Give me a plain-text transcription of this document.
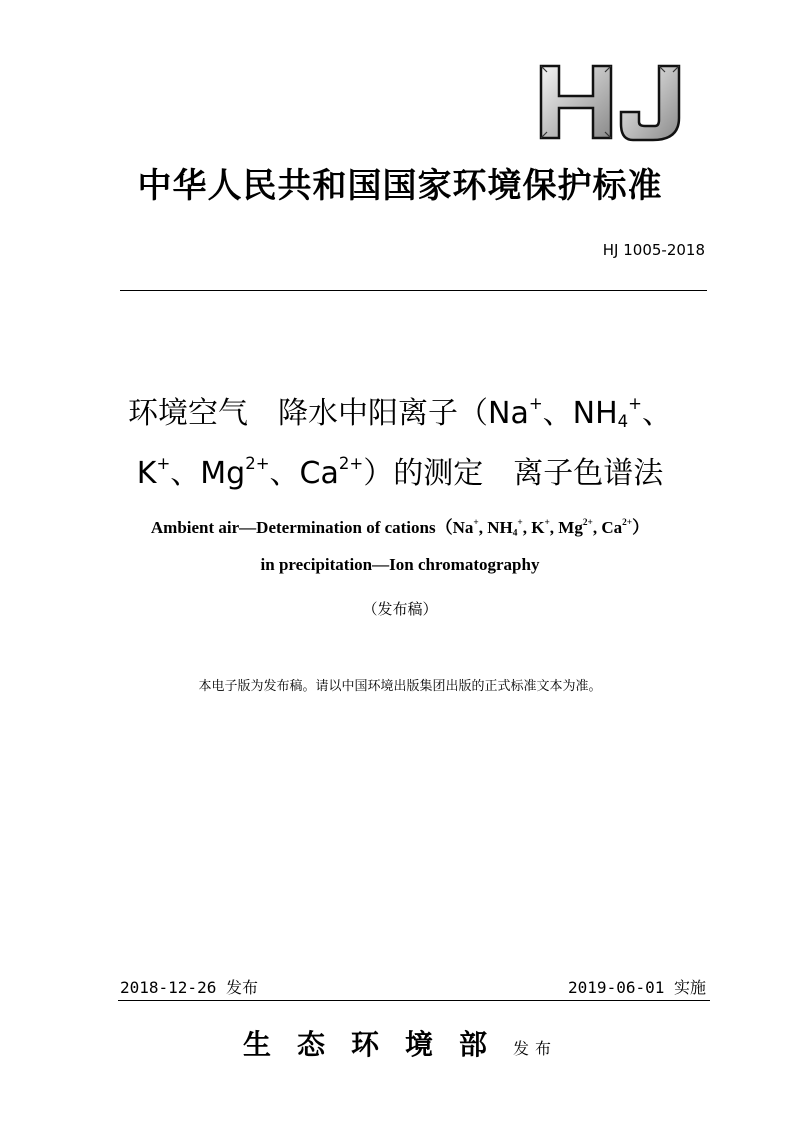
中华人民共和国国家环境保护标准
HJ 1005-2018
环境空气　降水中阳离子（Na+、$NH_4^+$、
K+、$Mg^{2+}$、$Ca^{2+}$）的测定　离子色谱法
Ambient air—Determination of cations（Na+, $NH_4^+$, K+, $Mg^{2+}$, $Ca^{2+}$）
in precipitation—Ion chromatography
（发布稿）
本电子版为发布稿。请以中国环境出版集团出版的正式标准文本为准。
2018-12-26 发布	2019-06-01 实施
生态环境部发布
